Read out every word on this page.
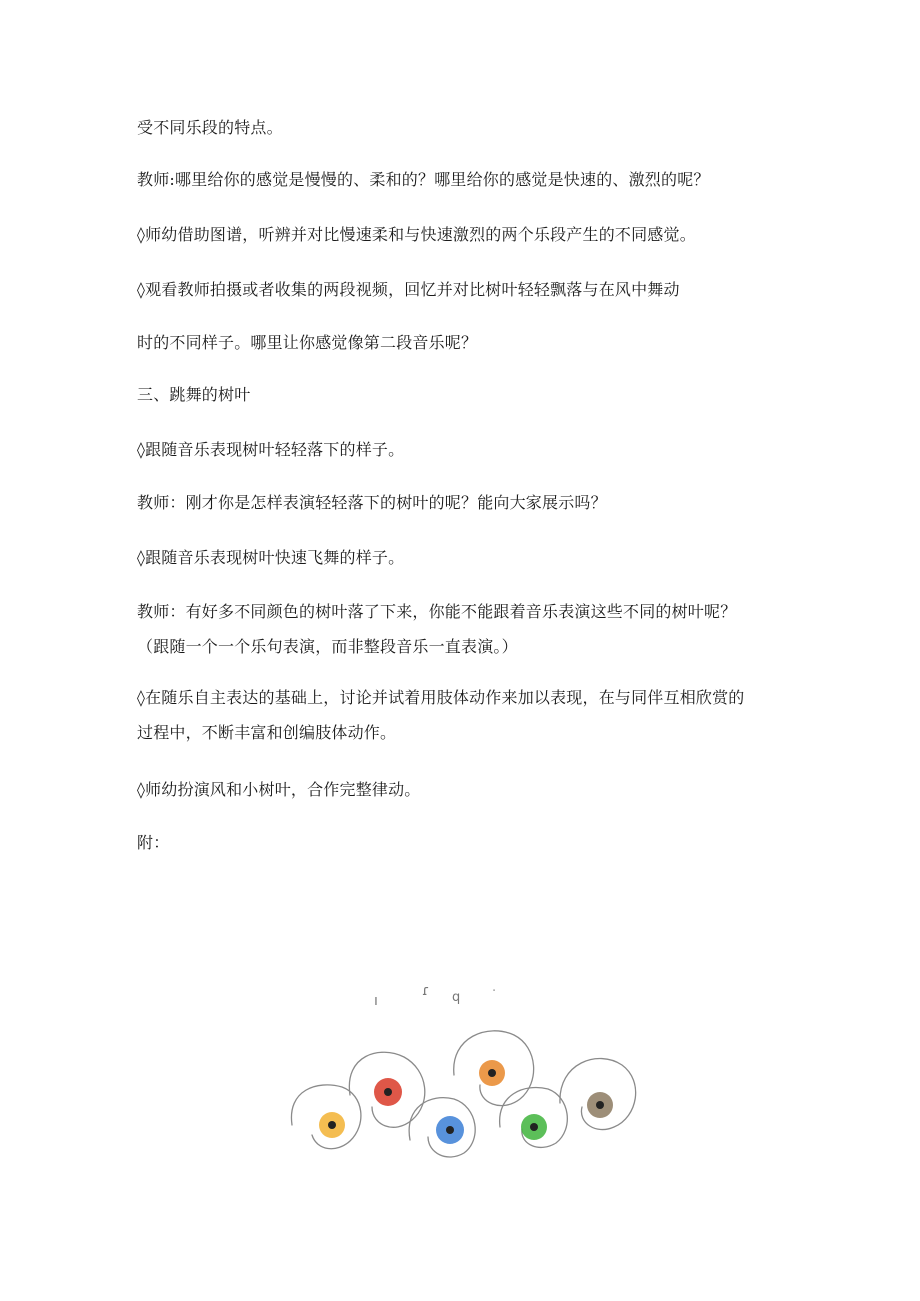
受不同乐段的特点。
教师:哪里给你的感觉是慢慢的、柔和的？哪里给你的感觉是快速的、激烈的呢？
◊师幼借助图谱，听辨并对比慢速柔和与快速激烈的两个乐段产生的不同感觉。
◊观看教师拍摄或者收集的两段视频，回忆并对比树叶轻轻飘落与在风中舞动
时的不同样子。哪里让你感觉像第二段音乐呢？
三、跳舞的树叶
◊跟随音乐表现树叶轻轻落下的样子。
教师：刚才你是怎样表演轻轻落下的树叶的呢？能向大家展示吗？
◊跟随音乐表现树叶快速飞舞的样子。
教师：有好多不同颜色的树叶落了下来，你能不能跟着音乐表演这些不同的树叶呢？
（跟随一个一个乐句表演，而非整段音乐一直表演。）
◊在随乐自主表达的基础上，讨论并试着用肢体动作来加以表现，在与同伴互相欣赏的
过程中，不断丰富和创编肢体动作。
◊师幼扮演风和小树叶，合作完整律动。
附：
ı
ɾ q ·
